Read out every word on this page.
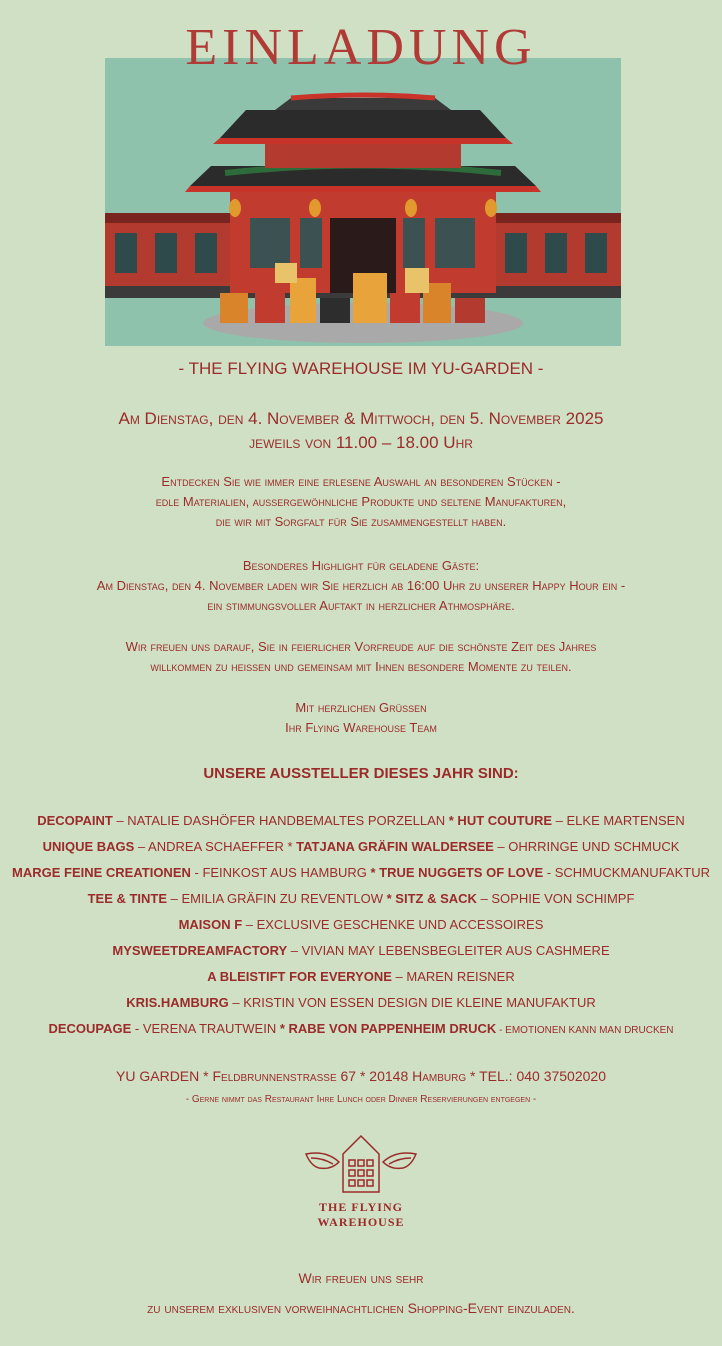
EINLADUNG
- THE FLYING WAREHOUSE IM YU-GARDEN -
Am Dienstag, den 4. November & Mittwoch, den 5. November 2025
jeweils von 11.00 – 18.00 Uhr
Entdecken Sie wie immer eine erlesene Auswahl an besonderen Stücken -
edle Materialien, aussergewöhnliche Produkte und seltene Manufakturen,
die wir mit Sorgfalt für Sie zusammengestellt haben.
Besonderes Highlight für geladene Gäste:
Am Dienstag, den 4. November laden wir Sie herzlich ab 16:00 Uhr zu unserer Happy Hour ein -
ein stimmungsvoller Auftakt in herzlicher Athmosphäre.
Wir freuen uns darauf, Sie in feierlicher Vorfreude auf die schönste Zeit des Jahres
willkommen zu heissen und gemeinsam mit Ihnen besondere Momente zu teilen.
Mit herzlichen Grüssen
Ihr Flying Warehouse Team
UNSERE AUSSTELLER DIESES JAHR SIND:
DECOPAINT – NATALIE DASHÖFER HANDBEMALTES PORZELLAN * HUT COUTURE – ELKE MARTENSEN
UNIQUE BAGS – ANDREA SCHAEFFER * TATJANA GRÄFIN WALDERSEE – OHRRINGE UND SCHMUCK
MARGE FEINE CREATIONEN - FEINKOST AUS HAMBURG * TRUE NUGGETS OF LOVE - SCHMUCKMANUFAKTUR
TEE & TINTE – EMILIA GRÄFIN ZU REVENTLOW * SITZ & SACK – SOPHIE VON SCHIMPF
MAISON F – EXCLUSIVE GESCHENKE UND ACCESSOIRES
MYSWEETDREAMFACTORY – VIVIAN MAY LEBENSBEGLEITER AUS CASHMERE
A BLEISTIFT FOR EVERYONE – MAREN REISNER
KRIS.HAMBURG – KRISTIN VON ESSEN DESIGN DIE KLEINE MANUFAKTUR
DECOUPAGE - VERENA TRAUTWEIN * RABE VON PAPPENHEIM DRUCK - EMOTIONEN KANN MAN DRUCKEN
YU GARDEN * Feldbrunnenstrasse 67 * 20148 Hamburg * TEL.: 040 37502020
- Gerne nimmt das Restaurant Ihre Lunch oder Dinner Reservierungen entgegen -
THE FLYING
WAREHOUSE
Wir freuen uns sehr
zu unserem exklusiven vorweihnachtlichen Shopping-Event einzuladen.
